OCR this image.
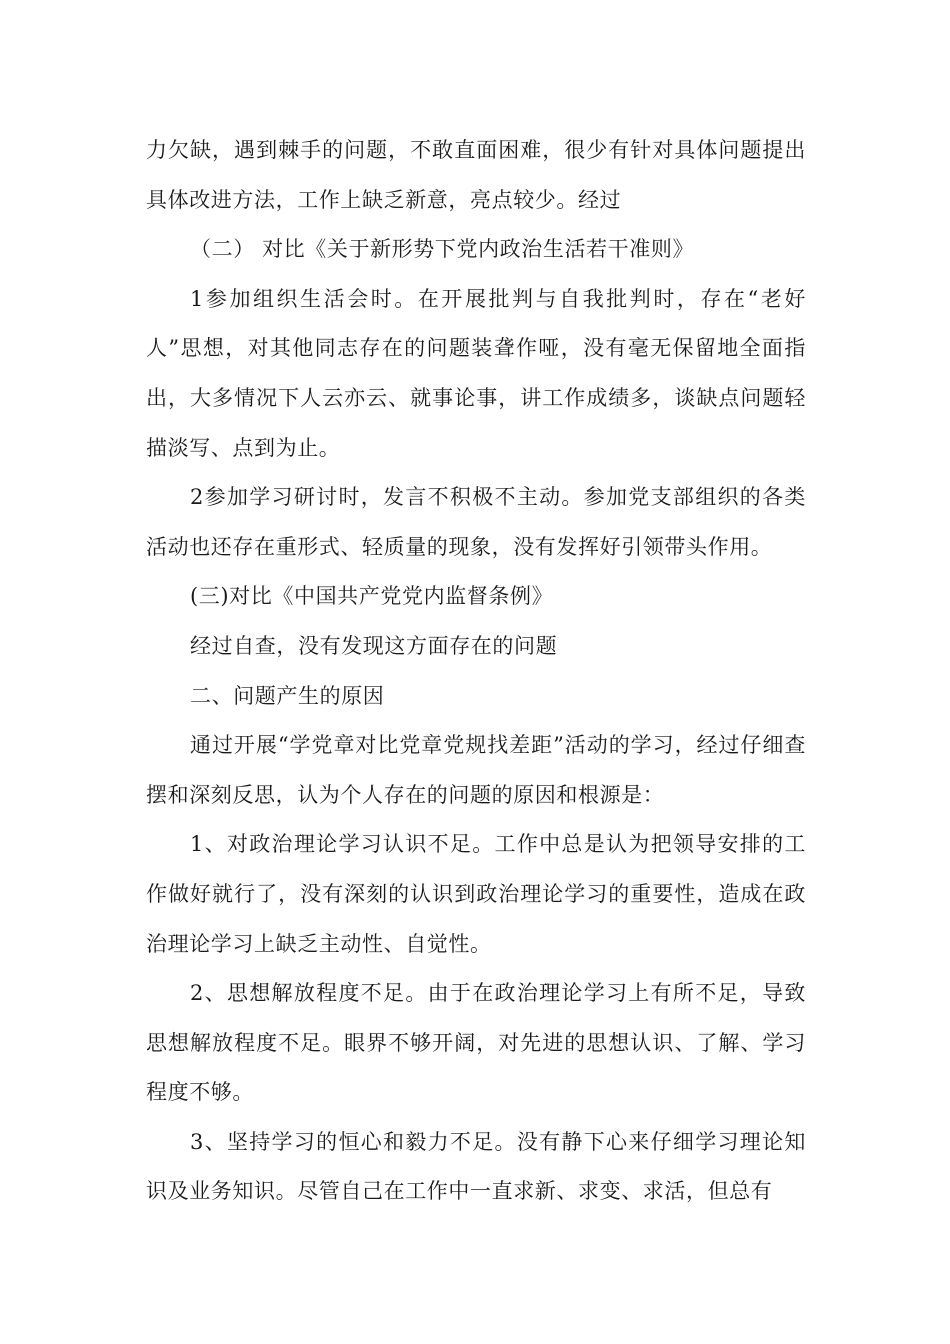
力欠缺，遇到棘手的问题，不敢直面困难，很少有针对具体问题提出具体改进方法，工作上缺乏新意，亮点较少。经过

（二） 对比《关于新形势下党内政治生活若干准则》

1参加组织生活会时。在开展批判与自我批判时，存在“老好人”思想，对其他同志存在的问题装聋作哑，没有毫无保留地全面指出，大多情况下人云亦云、就事论事，讲工作成绩多，谈缺点问题轻描淡写、点到为止。

2参加学习研讨时，发言不积极不主动。参加党支部组织的各类活动也还存在重形式、轻质量的现象，没有发挥好引领带头作用。

(三)对比《中国共产党党内监督条例》

经过自查，没有发现这方面存在的问题

二、问题产生的原因

通过开展“学党章对比党章党规找差距”活动的学习，经过仔细查摆和深刻反思，认为个人存在的问题的原因和根源是：

1、对政治理论学习认识不足。工作中总是认为把领导安排的工作做好就行了，没有深刻的认识到政治理论学习的重要性，造成在政治理论学习上缺乏主动性、自觉性。

2、思想解放程度不足。由于在政治理论学习上有所不足，导致思想解放程度不足。眼界不够开阔，对先进的思想认识、了解、学习程度不够。

3、坚持学习的恒心和毅力不足。没有静下心来仔细学习理论知识及业务知识。尽管自己在工作中一直求新、求变、求活，但总有
